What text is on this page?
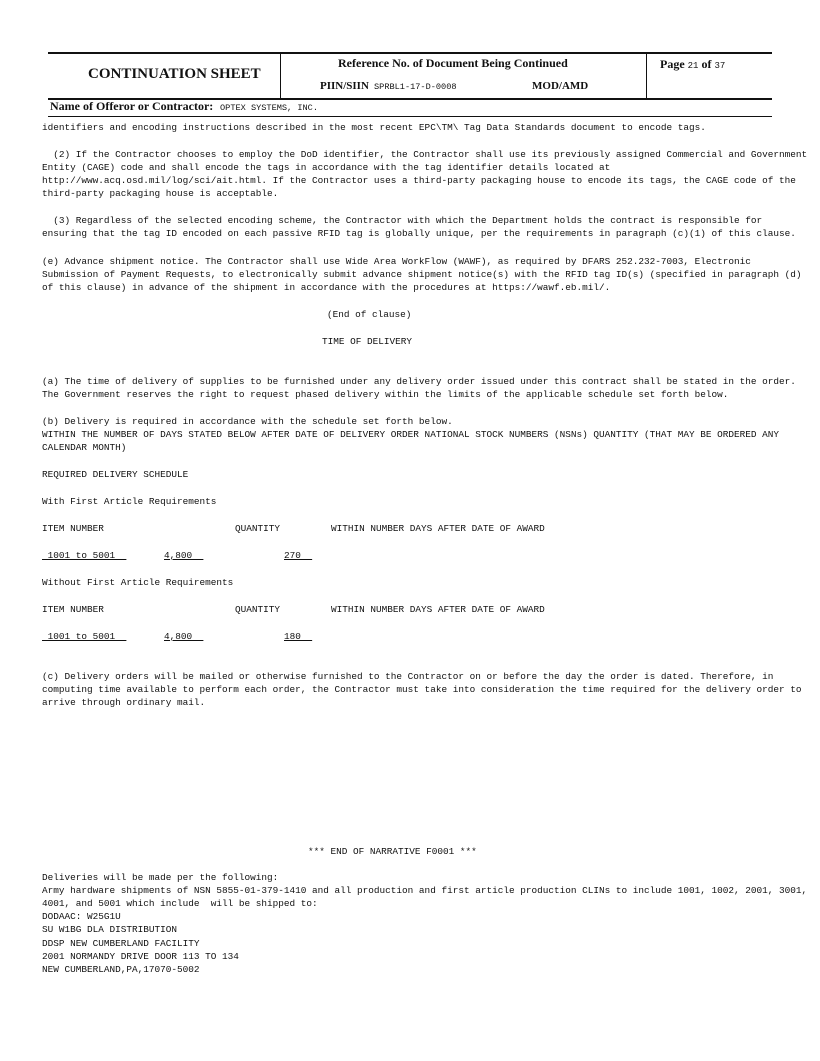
CONTINUATION SHEET
Reference No. of Document Being Continued
PIIN/SIIN SPRBL1-17-D-0008	MOD/AMD
Page 21 of 37
Name of Offeror or Contractor: OPTEX SYSTEMS, INC.
identifiers and encoding instructions described in the most recent EPC\TM\ Tag Data Standards document to encode tags.
(2) If the Contractor chooses to employ the DoD identifier, the Contractor shall use its previously assigned Commercial and Government
Entity (CAGE) code and shall encode the tags in accordance with the tag identifier details located at
http://www.acq.osd.mil/log/sci/ait.html. If the Contractor uses a third-party packaging house to encode its tags, the CAGE code of the
third-party packaging house is acceptable.
(3) Regardless of the selected encoding scheme, the Contractor with which the Department holds the contract is responsible for
ensuring that the tag ID encoded on each passive RFID tag is globally unique, per the requirements in paragraph (c)(1) of this clause.
(e) Advance shipment notice. The Contractor shall use Wide Area WorkFlow (WAWF), as required by DFARS 252.232-7003, Electronic
Submission of Payment Requests, to electronically submit advance shipment notice(s) with the RFID tag ID(s) (specified in paragraph (d)
of this clause) in advance of the shipment in accordance with the procedures at https://wawf.eb.mil/.
(End of clause)
TIME OF DELIVERY
(a) The time of delivery of supplies to be furnished under any delivery order issued under this contract shall be stated in the order.
The Government reserves the right to request phased delivery within the limits of the applicable schedule set forth below.
(b) Delivery is required in accordance with the schedule set forth below.
WITHIN THE NUMBER OF DAYS STATED BELOW AFTER DATE OF DELIVERY ORDER NATIONAL STOCK NUMBERS (NSNs) QUANTITY (THAT MAY BE ORDERED ANY
CALENDAR MONTH)
REQUIRED DELIVERY SCHEDULE
With First Article Requirements
ITEM NUMBER	QUANTITY	WITHIN NUMBER DAYS AFTER DATE OF AWARD
1001 to 5001	4,800	270
Without First Article Requirements
ITEM NUMBER	QUANTITY	WITHIN NUMBER DAYS AFTER DATE OF AWARD
1001 to 5001	4,800	180
(c) Delivery orders will be mailed or otherwise furnished to the Contractor on or before the day the order is dated. Therefore, in
computing time available to perform each order, the Contractor must take into consideration the time required for the delivery order to
arrive through ordinary mail.
*** END OF NARRATIVE F0001 ***
Deliveries will be made per the following:
Army hardware shipments of NSN 5855-01-379-1410 and all production and first article production CLINs to include 1001, 1002, 2001, 3001,
4001, and 5001 which include  will be shipped to:
DODAAC: W25G1U
SU W1BG DLA DISTRIBUTION
DDSP NEW CUMBERLAND FACILITY
2001 NORMANDY DRIVE DOOR 113 TO 134
NEW CUMBERLAND,PA,17070-5002
